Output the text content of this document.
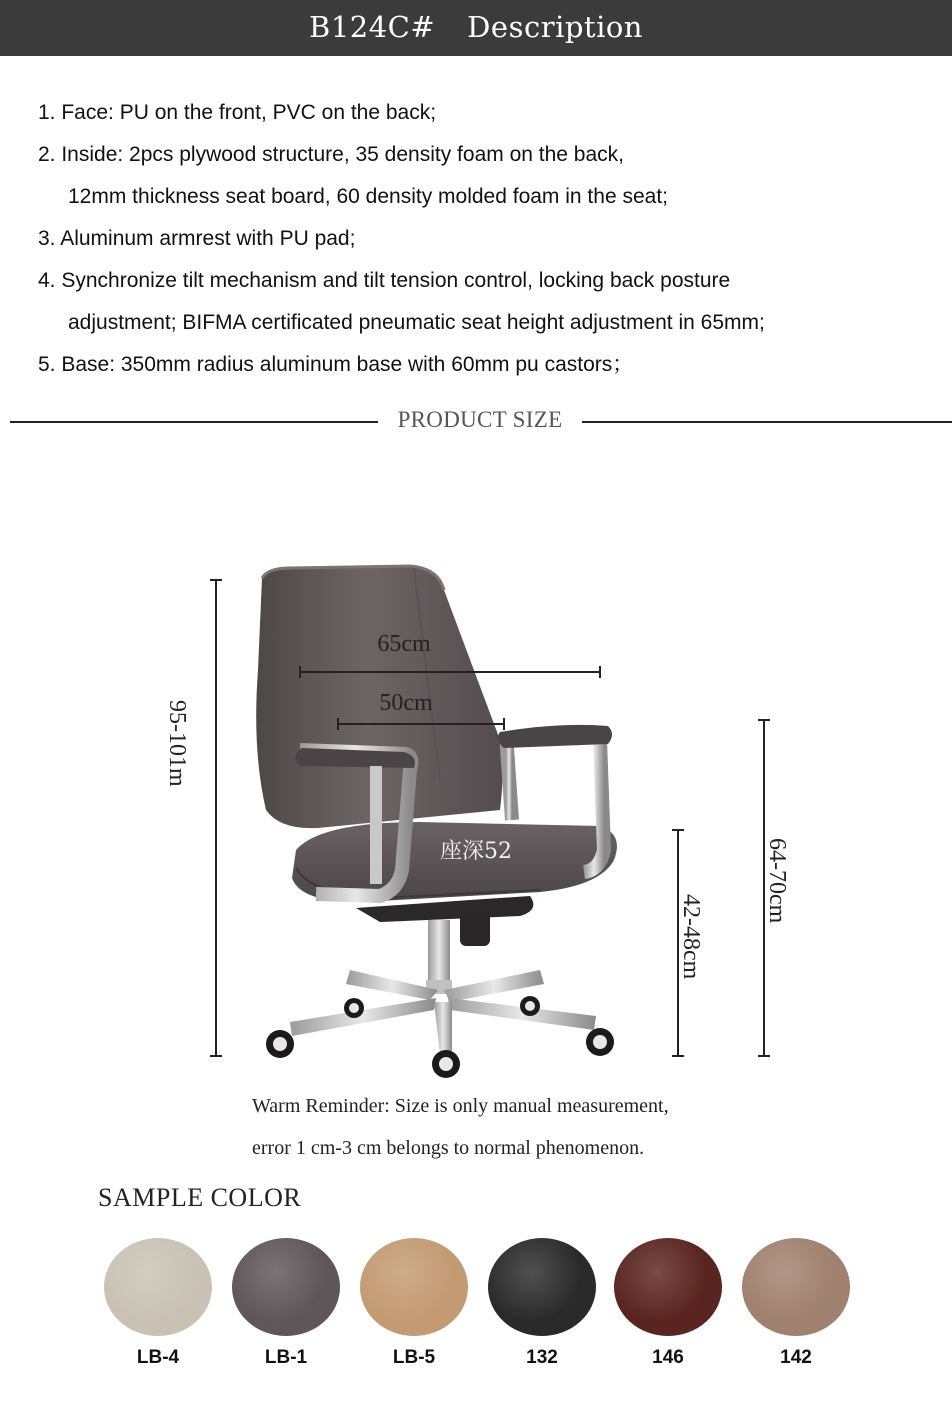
B124C# Description
1. Face: PU on the front, PVC on the back;
2. Inside: 2pcs plywood structure, 35 density foam on the back,
12mm thickness seat board, 60 density molded foam in the seat;
3. Aluminum armrest with PU pad;
4. Synchronize tilt mechanism and tilt tension control, locking back posture
adjustment; BIFMA certificated pneumatic seat height adjustment in 65mm;
5. Base: 350mm radius aluminum base with 60mm pu castors；
PRODUCT SIZE
95-101m
65cm
50cm
座深52
42-48cm
64-70cm
Warm Reminder: Size is only manual measurement,
error 1 cm-3 cm belongs to normal phenomenon.
SAMPLE COLOR
LB-4	LB-1	LB-5	132	146	142
